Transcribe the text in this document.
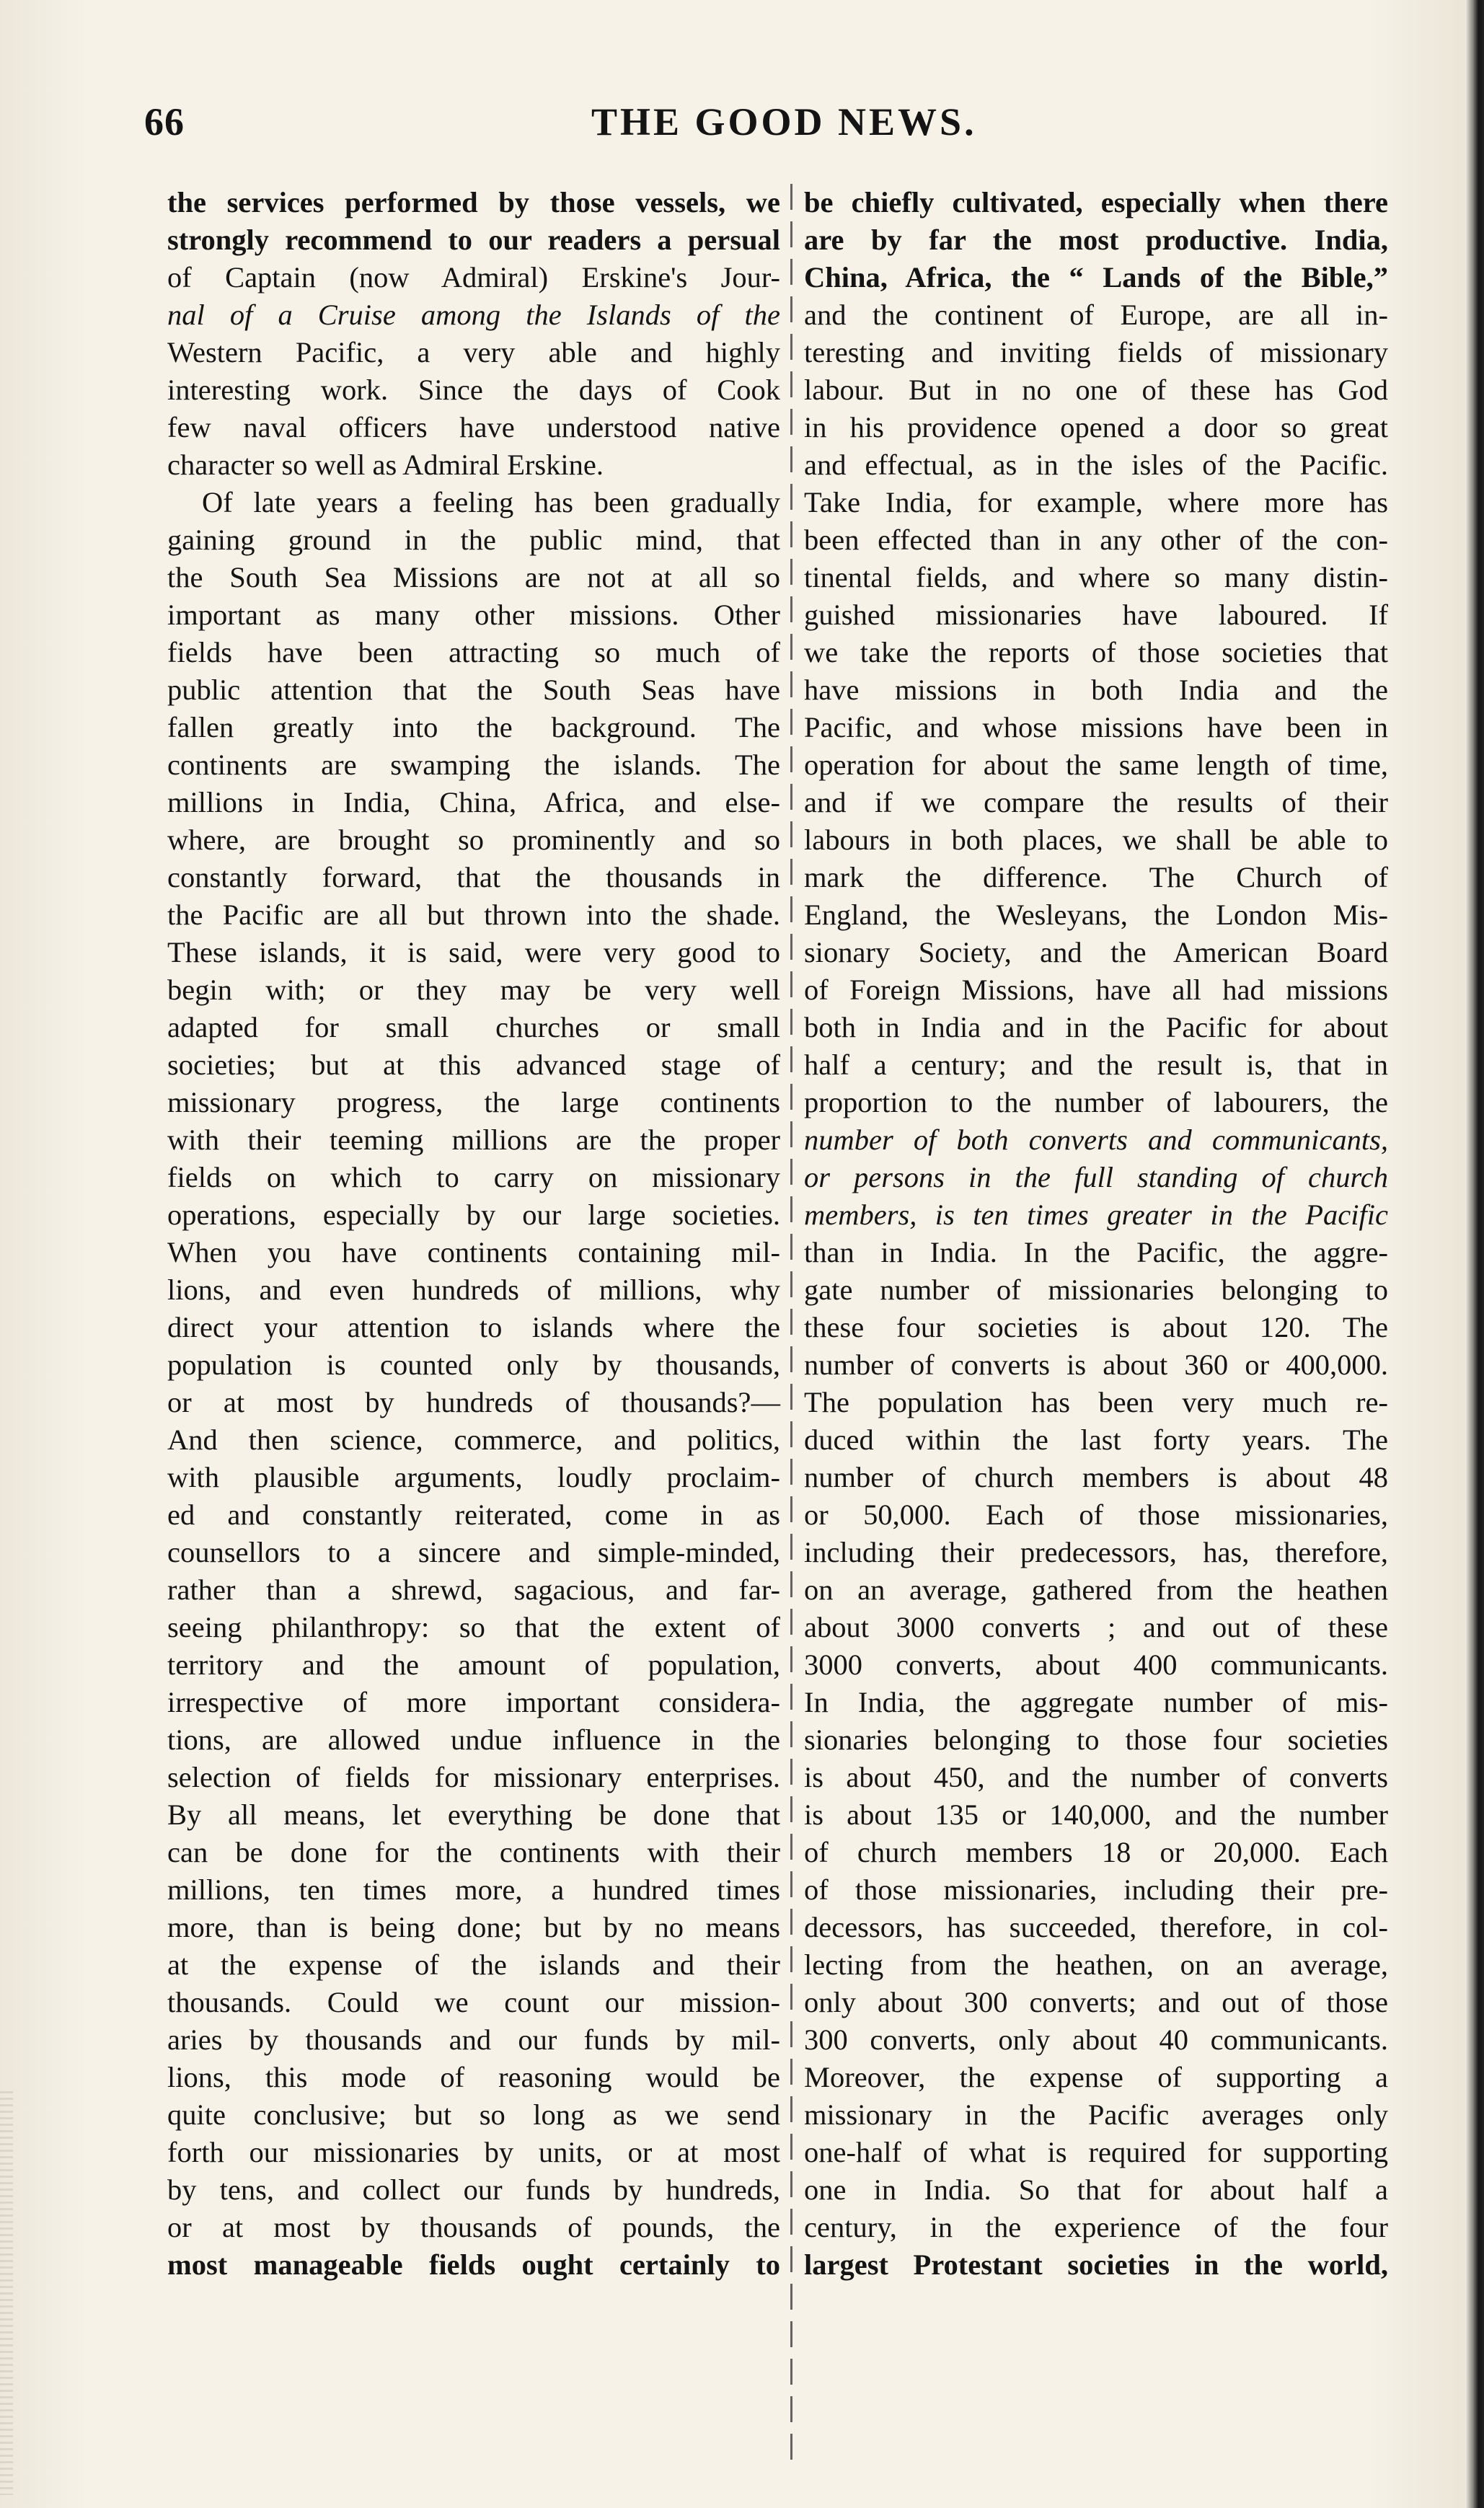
66	THE GOOD NEWS.
the services performed by those vessels, we
strongly recommend to our readers a persual
of Captain (now Admiral) Erskine's Jour-
nal of a Cruise among the Islands of the
Western Pacific, a very able and highly
interesting work. Since the days of Cook
few naval officers have understood native
character so well as Admiral Erskine.
Of late years a feeling has been gradually
gaining ground in the public mind, that
the South Sea Missions are not at all so
important as many other missions. Other
fields have been attracting so much of
public attention that the South Seas have
fallen greatly into the background. The
continents are swamping the islands. The
millions in India, China, Africa, and else-
where, are brought so prominently and so
constantly forward, that the thousands in
the Pacific are all but thrown into the shade.
These islands, it is said, were very good to
begin with; or they may be very well
adapted for small churches or small
societies; but at this advanced stage of
missionary progress, the large continents
with their teeming millions are the proper
fields on which to carry on missionary
operations, especially by our large societies.
When you have continents containing mil-
lions, and even hundreds of millions, why
direct your attention to islands where the
population is counted only by thousands,
or at most by hundreds of thousands?—
And then science, commerce, and politics,
with plausible arguments, loudly proclaim-
ed and constantly reiterated, come in as
counsellors to a sincere and simple-minded,
rather than a shrewd, sagacious, and far-
seeing philanthropy: so that the extent of
territory and the amount of population,
irrespective of more important considera-
tions, are allowed undue influence in the
selection of fields for missionary enterprises.
By all means, let everything be done that
can be done for the continents with their
millions, ten times more, a hundred times
more, than is being done; but by no means
at the expense of the islands and their
thousands. Could we count our mission-
aries by thousands and our funds by mil-
lions, this mode of reasoning would be
quite conclusive; but so long as we send
forth our missionaries by units, or at most
by tens, and collect our funds by hundreds,
or at most by thousands of pounds, the
most manageable fields ought certainly to
be chiefly cultivated, especially when there
are by far the most productive. India,
China, Africa, the “ Lands of the Bible,”
and the continent of Europe, are all in-
teresting and inviting fields of missionary
labour. But in no one of these has God
in his providence opened a door so great
and effectual, as in the isles of the Pacific.
Take India, for example, where more has
been effected than in any other of the con-
tinental fields, and where so many distin-
guished missionaries have laboured. If
we take the reports of those societies that
have missions in both India and the
Pacific, and whose missions have been in
operation for about the same length of time,
and if we compare the results of their
labours in both places, we shall be able to
mark the difference. The Church of
England, the Wesleyans, the London Mis-
sionary Society, and the American Board
of Foreign Missions, have all had missions
both in India and in the Pacific for about
half a century; and the result is, that in
proportion to the number of labourers, the
number of both converts and communicants,
or persons in the full standing of church
members, is ten times greater in the Pacific
than in India. In the Pacific, the aggre-
gate number of missionaries belonging to
these four societies is about 120. The
number of converts is about 360 or 400,000.
The population has been very much re-
duced within the last forty years. The
number of church members is about 48
or 50,000. Each of those missionaries,
including their predecessors, has, therefore,
on an average, gathered from the heathen
about 3000 converts ; and out of these
3000 converts, about 400 communicants.
In India, the aggregate number of mis-
sionaries belonging to those four societies
is about 450, and the number of converts
is about 135 or 140,000, and the number
of church members 18 or 20,000. Each
of those missionaries, including their pre-
decessors, has succeeded, therefore, in col-
lecting from the heathen, on an average,
only about 300 converts; and out of those
300 converts, only about 40 communicants.
Moreover, the expense of supporting a
missionary in the Pacific averages only
one-half of what is required for supporting
one in India. So that for about half a
century, in the experience of the four
largest Protestant societies in the world,
